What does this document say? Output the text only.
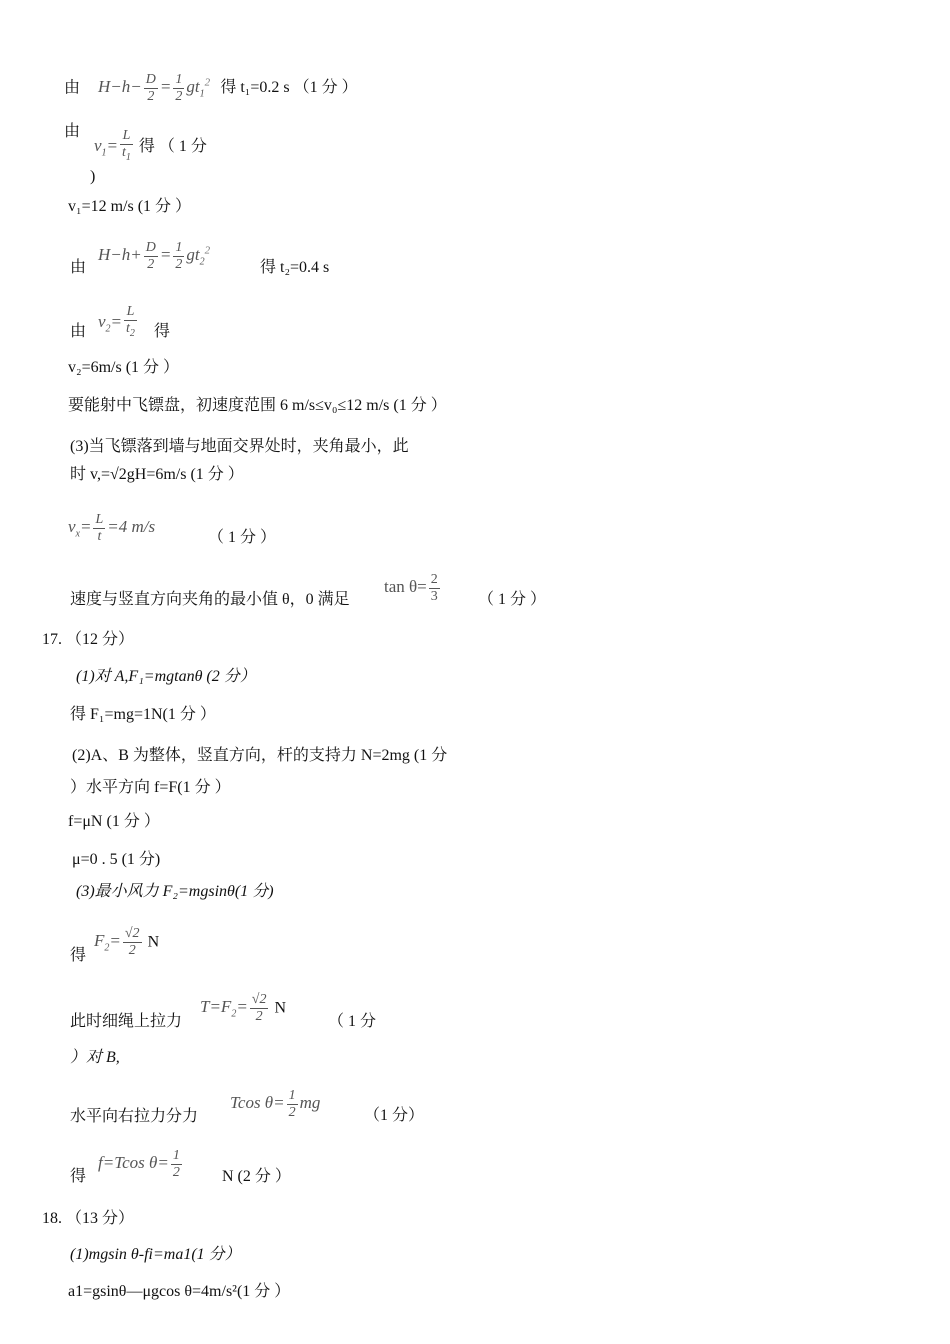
由 $H-h- \frac{D}{2} = \frac{1}{2} gt_1^2$ 得 t₁=0.2 s （1 分 ）
由
$v_1= \frac{L}{t_1}$ 得 （ 1 分
)
v₁=12 m/s (1 分 ）
由
$H-h+ \frac{D}{2} = \frac{1}{2} gt_2^2$
得 t₂=0.4 s
由
$v_2= \frac{L}{t_2}$ 得
v₂=6m/s (1 分 ）
要能射中飞镖盘，初速度范围 6 m/s≤v₀≤12 m/s (1 分 ）
(3)当飞镖落到墙与地面交界处时，夹角最小，此
时 v,=√2gH=6m/s (1 分 ）
$v_x= \frac{L}{t} =4$ m/s
（ 1 分 ）
速度与竖直方向夹角的最小值 θ，0 满足
$\tan \theta= \frac{2}{3}$ （ 1 分 ）
17. （12 分）
(1)对 A,F₁=mgtanθ (2 分）
得 F₁=mg=1N(1 分 ）
(2)A、B 为整体，竖直方向，杆的支持力 N=2mg (1 分
）水平方向 f=F(1 分 ）
f=μN (1 分 ）
μ=0 . 5 (1 分)
(3)最小风力 F₂=mgsinθ(1 分)
得
$F_2= \frac{√2}{2}$ N
此时细绳上拉力
$T=F_2= \frac{√2}{2}$ N
（ 1 分
）对 B,
水平向右拉力分力
Tcos $\theta= \frac{1}{2}$ mg
（1 分）
得
f=Tcos $\theta= \frac{1}{2}$	N (2 分 ）
18. （13 分）
(1)mgsin θ-fi=ma1(1 分）
a1=gsinθ—μgcos θ=4m/s²(1 分 ）
